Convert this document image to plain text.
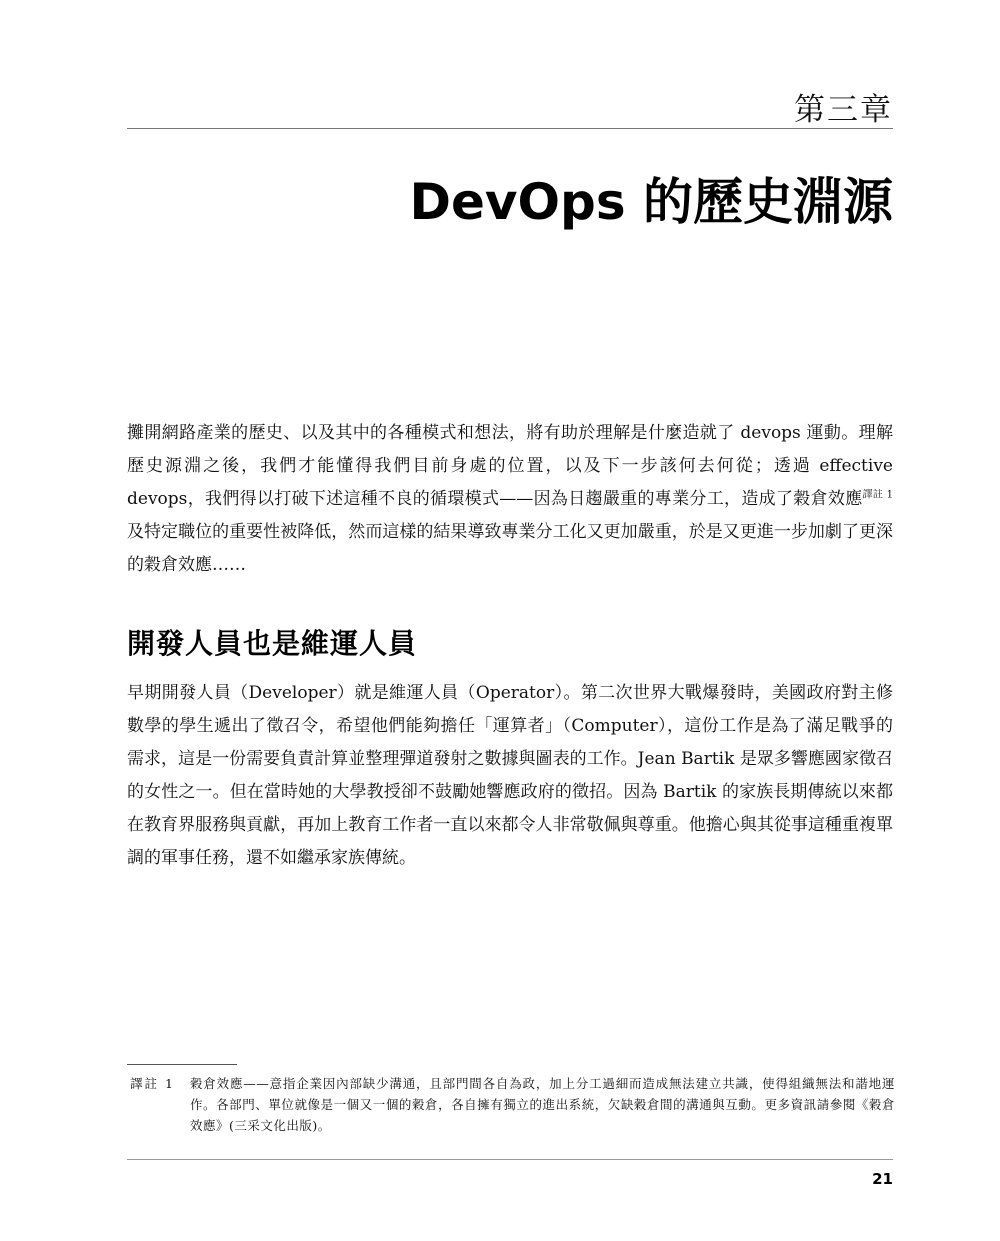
第三章
DevOps 的歷史淵源

攤開網路產業的歷史、以及其中的各種模式和想法，將有助於理解是什麼造就了 devops 運動。理解歷史源淵之後，我們才能懂得我們目前身處的位置，以及下一步該何去何從；透過 effective devops，我們得以打破下述這種不良的循環模式——因為日趨嚴重的專業分工，造成了穀倉效應$^{譯註 1}$ 及特定職位的重要性被降低，然而這樣的結果導致專業分工化又更加嚴重，於是又更進一步加劇了更深的穀倉效應……

開發人員也是維運人員

早期開發人員（Developer）就是維運人員（Operator）。第二次世界大戰爆發時，美國政府對主修數學的學生遞出了徵召令，希望他們能夠擔任「運算者」（Computer），這份工作是為了滿足戰爭的需求，這是一份需要負責計算並整理彈道發射之數據與圖表的工作。Jean Bartik 是眾多響應國家徵召的女性之一。但在當時她的大學教授卻不鼓勵她響應政府的徵招。因為 Bartik 的家族長期傳統以來都在教育界服務與貢獻，再加上教育工作者一直以來都令人非常敬佩與尊重。他擔心與其從事這種重複單調的軍事任務，還不如繼承家族傳統。

譯註 1	穀倉效應——意指企業因內部缺少溝通，且部門間各自為政，加上分工過細而造成無法建立共識，使得組織無法和諧地運作。各部門、單位就像是一個又一個的穀倉，各自擁有獨立的進出系統，欠缺穀倉間的溝通與互動。更多資訊請參閱《穀倉效應》(三采文化出版)。
21
